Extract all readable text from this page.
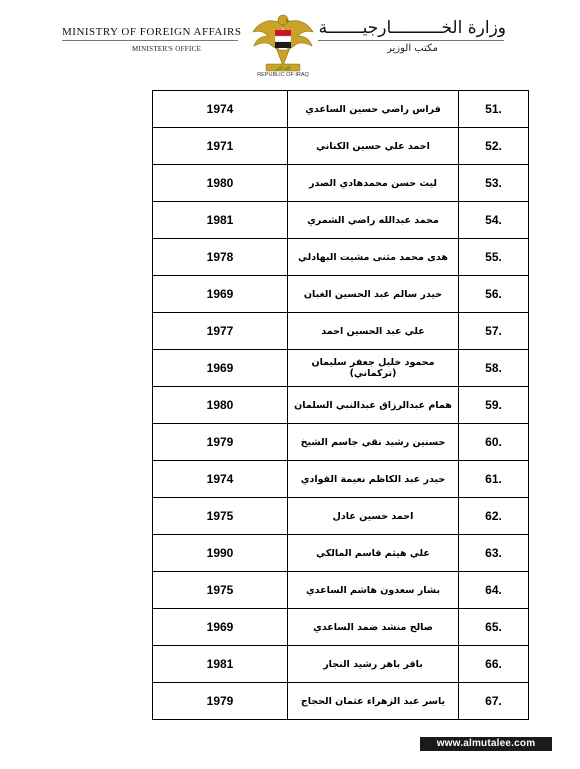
MINISTRY OF FOREIGN AFFAIRS
MINISTER'S OFFICE
الله اكبر
REPUBLIC OF IRAQ
وزارة الخــــــــــارجيـــــــة
مكتب الوزير
1974	فراس راضي حسين الساعدي	51.
1971	احمد علي حسين الكناني	52.
1980	ليث حسن محمدهادي الصدر	53.
1981	محمد عبدالله راضي الشمري	54.
1978	هدى محمد مثنى مشيت البهادلي	55.
1969	حيدر سالم عبد الحسين الغبان	56.
1977	علي عبد الحسين احمد	57.
1969	محمود خليل جعفر سليمان (تركماني)	58.
1980	همام عبدالرزاق عبدالنبي السلمان	59.
1979	حسنين رشيد نقي جاسم الشيخ	60.
1974	حيدر عبد الكاظم نعيمة الفوادي	61.
1975	احمد حسين عادل	62.
1990	علي هيثم قاسم المالكي	63.
1975	بشار سعدون هاشم الساعدي	64.
1969	صالح منشد ضمد الساعدي	65.
1981	باقر باهر رشيد النجار	66.
1979	ياسر عبد الزهراء عثمان الحجاج	67.
www.almutalee.com
